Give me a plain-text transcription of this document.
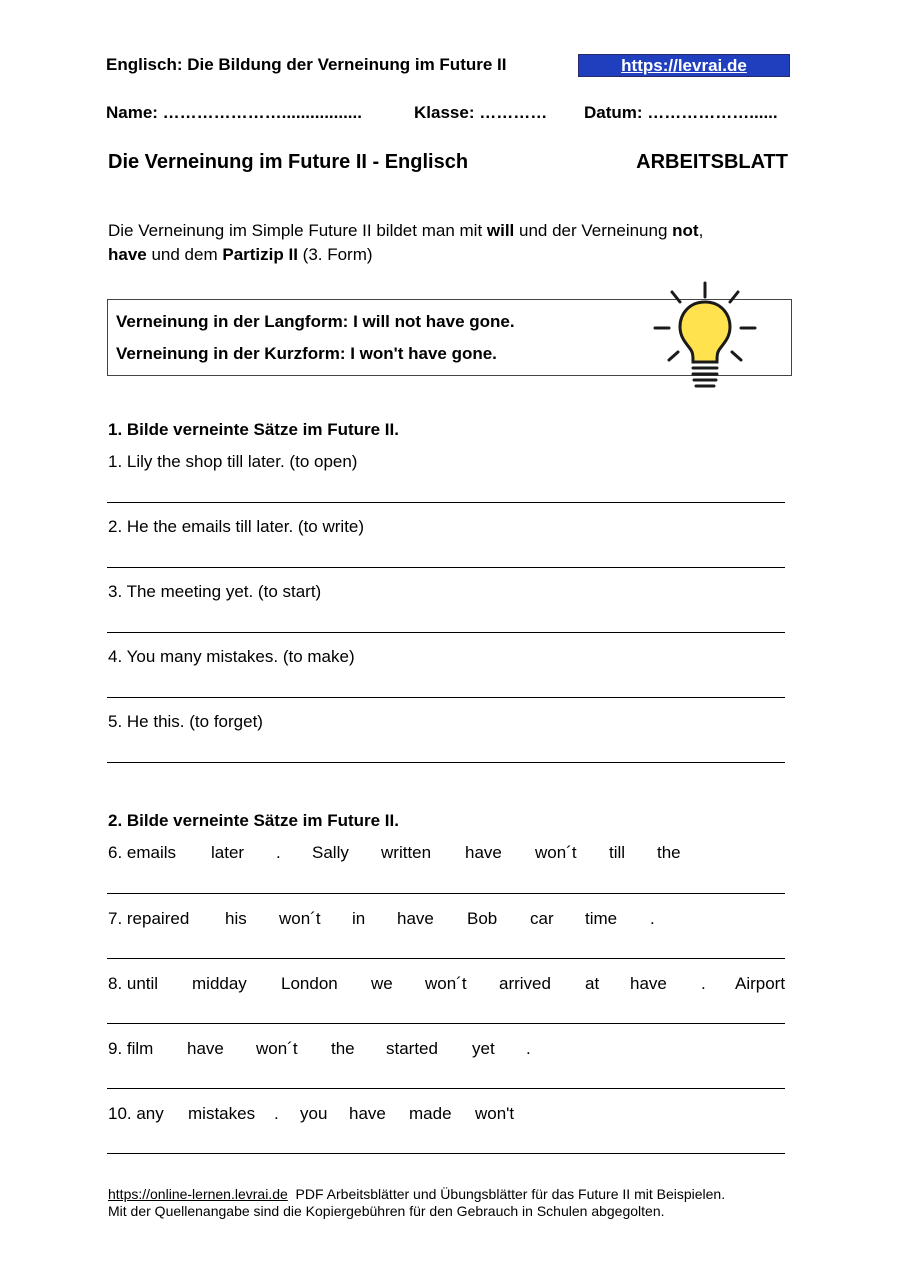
Englisch: Die Bildung der Verneinung im Future II	https://levrai.de
Name: ………………….................	Klasse: ………… Datum: ………………......
Die Verneinung im Future II - Englisch	ARBEITSBLATT
Die Verneinung im Simple Future II bildet man mit will und der Verneinung not,
have und dem Partizip II (3. Form)
Verneinung in der Langform: I will not have gone.
Verneinung in der Kurzform: I won't have gone.
1. Bilde verneinte Sätze im Future II.
1. Lily the shop till later. (to open)
2. He the emails till later. (to write)
3. The meeting yet. (to start)
4. You many mistakes. (to make)
5. He this. (to forget)
2. Bilde verneinte Sätze im Future II.
6. emails later . Sally written have won´t till the
7. repaired his won´t in have Bob car time .
8. until midday London we won´t arrived at have . Airport
9. film have won´t the started yet .
10. any mistakes . you have made won't
https://online-lernen.levrai.de  PDF Arbeitsblätter und Übungsblätter für das Future II mit Beispielen.
Mit der Quellenangabe sind die Kopiergebühren für den Gebrauch in Schulen abgegolten.
